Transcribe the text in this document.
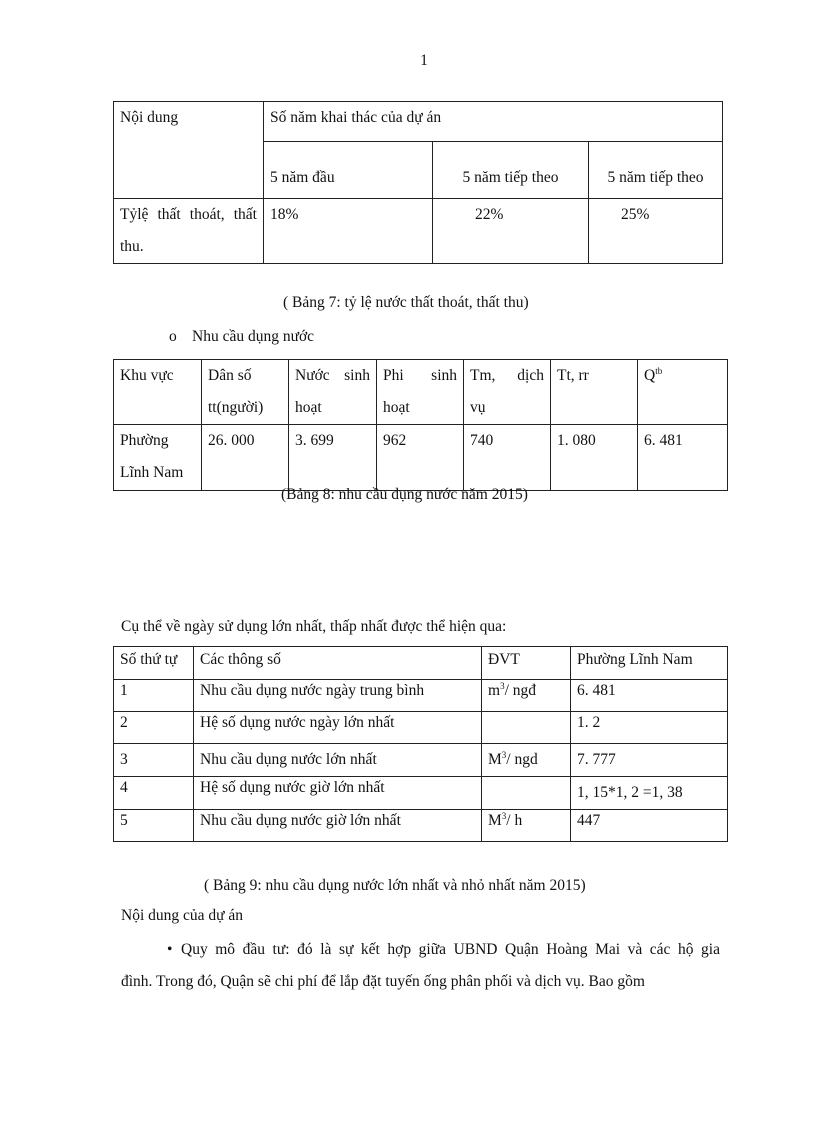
1
Nội dung	Số năm khai thác của dự án		
	5 năm đầu	5 năm tiếp theo	5 năm tiếp theo
Tỷlệ thất thoát, thất thu.	18%	22%	25%
( Bảng 7: tỷ lệ nước thất thoát, thất thu)
o Nhu cầu dụng nước
Khu vực	Dân số tt(người)	Nước sinh hoạt	Phi sinh hoạt	Tm, dịch vụ	Tt, rr	$Q^{tb}$
Phường Lĩnh Nam	26. 000	3. 699	962	740	1. 080	6. 481
(Bảng 8: nhu cầu dụng nước năm 2015)
Cụ thể về ngày sử dụng lớn nhất, thấp nhất được thể hiện qua:
Số thứ tự	Các thông số	ĐVT	Phường Lĩnh Nam
1	Nhu cầu dụng nước ngày trung bình	$m^3/$ ngđ	6. 481
2	Hệ số dụng nước ngày lớn nhất		1. 2
3	Nhu cầu dụng nước lớn nhất	$M^3/$ ngd	7. 777
4	Hệ số dụng nước giờ lớn nhất		1, 15*1, 2 =1, 38
5	Nhu cầu dụng nước giờ lớn nhất	$M^3/$ h	447
( Bảng 9: nhu cầu dụng nước lớn nhất và nhỏ nhất năm 2015)
Nội dung của dự án
• Quy mô đầu tư: đó là sự kết hợp giữa UBND Quận Hoàng Mai và các hộ gia
đình. Trong đó, Quận sẽ chi phí để lắp đặt tuyến ống phân phối và dịch vụ. Bao gồm
